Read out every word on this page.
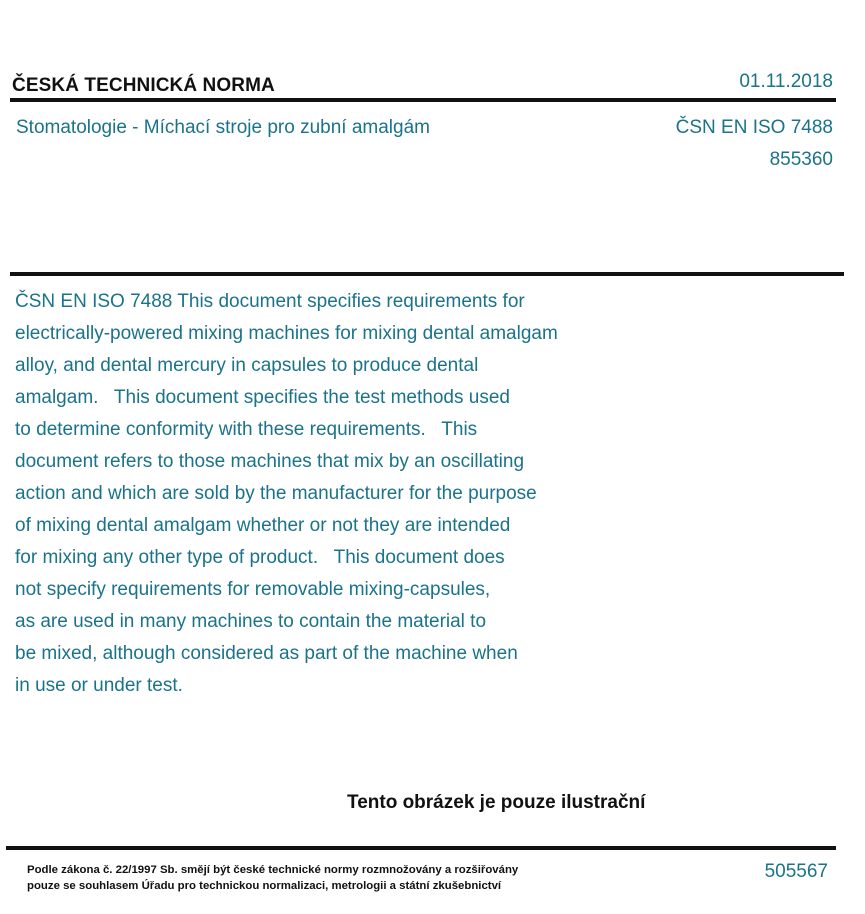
ČESKÁ TECHNICKÁ NORMA	01.11.2018
Stomatologie - Míchací stroje pro zubní amalgám	ČSN EN ISO 7488
855360
ČSN EN ISO 7488 This document specifies requirements for
electrically-powered mixing machines for mixing dental amalgam
alloy, and dental mercury in capsules to produce dental
amalgam.   This document specifies the test methods used
to determine conformity with these requirements.   This
document refers to those machines that mix by an oscillating
action and which are sold by the manufacturer for the purpose
of mixing dental amalgam whether or not they are intended
for mixing any other type of product.   This document does
not specify requirements for removable mixing-capsules,
as are used in many machines to contain the material to
be mixed, although considered as part of the machine when
in use or under test.
Tento obrázek je pouze ilustrační
Podle zákona č. 22/1997 Sb. smějí být české technické normy rozmnožovány a rozšiřovány
pouze se souhlasem Úřadu pro technickou normalizaci, metrologii a státní zkušebnictví
505567
